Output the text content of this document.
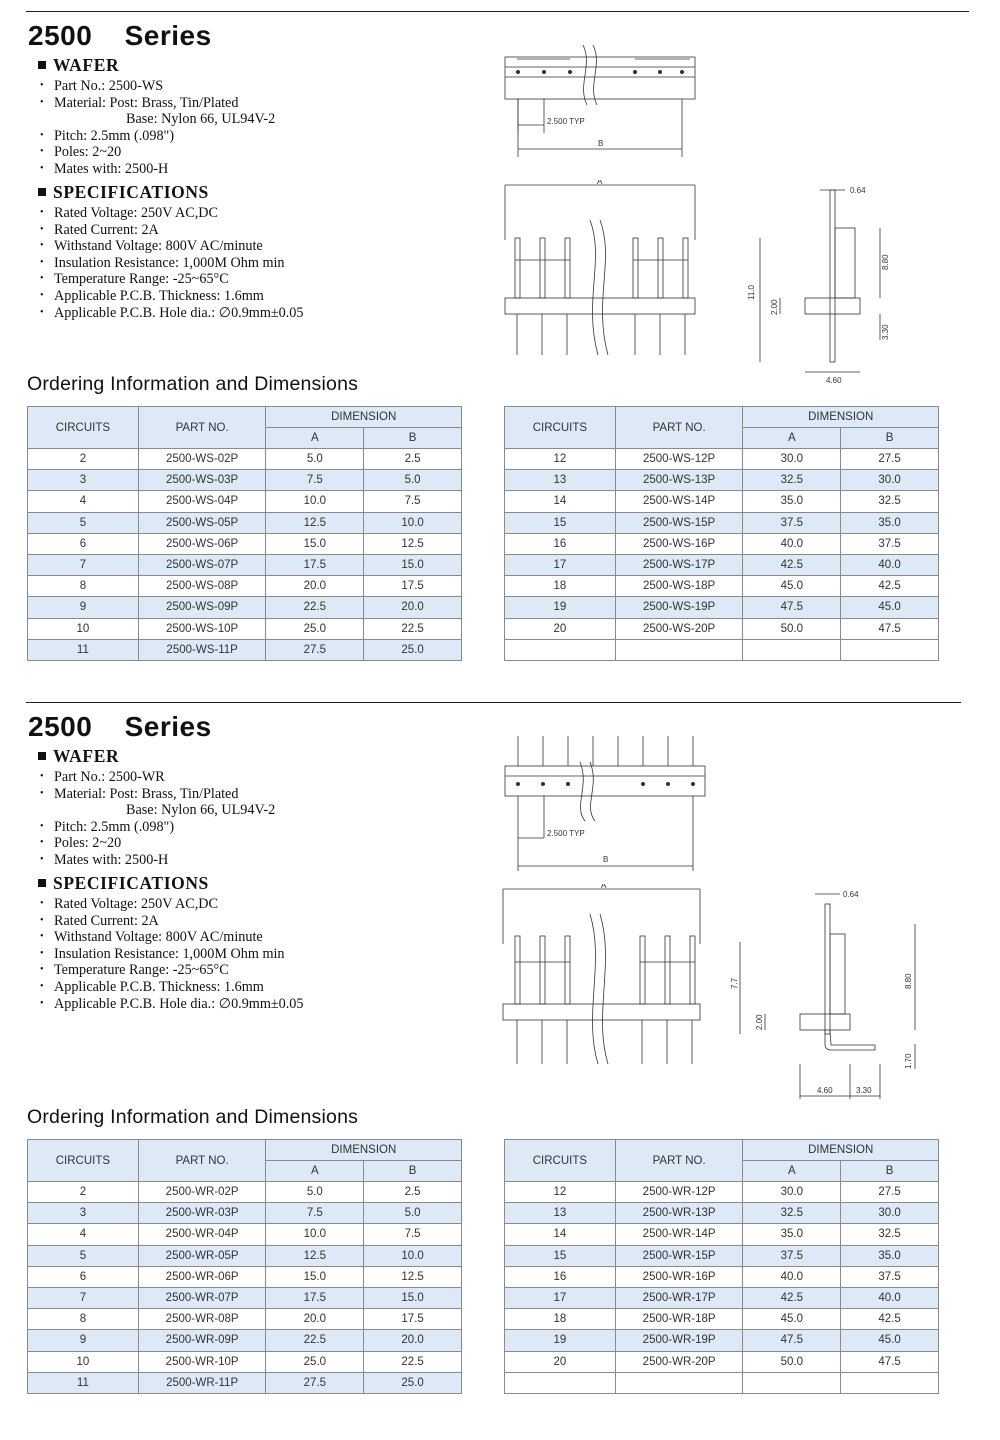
2500 Series
WAFER
• Part No.: 2500-WS
• Material: Post: Brass, Tin/Plated
Base: Nylon 66, UL94V-2
• Pitch: 2.5mm (.098")
• Poles: 2~20
• Mates with: 2500-H
SPECIFICATIONS
• Rated Voltage: 250V AC,DC
• Rated Current: 2A
• Withstand Voltage: 800V AC/minute
• Insulation Resistance: 1,000M Ohm min
• Temperature Range: -25~65°C
• Applicable P.C.B. Thickness: 1.6mm
• Applicable P.C.B. Hole dia.: ∅0.9mm±0.05
2.500 TYP
B
A
0.64
11.0
8.80
2.00
3.30
4.60
Ordering Information and Dimensions
CIRCUITS	PART NO.	DIMENSION	
		A	B
2	2500-WS-02P	5.0	2.5
3	2500-WS-03P	7.5	5.0
4	2500-WS-04P	10.0	7.5
5	2500-WS-05P	12.5	10.0
6	2500-WS-06P	15.0	12.5
7	2500-WS-07P	17.5	15.0
8	2500-WS-08P	20.0	17.5
9	2500-WS-09P	22.5	20.0
10	2500-WS-10P	25.0	22.5
11	2500-WS-11P	27.5	25.0
CIRCUITS	PART NO.	DIMENSION	
		A	B
12	2500-WS-12P	30.0	27.5
13	2500-WS-13P	32.5	30.0
14	2500-WS-14P	35.0	32.5
15	2500-WS-15P	37.5	35.0
16	2500-WS-16P	40.0	37.5
17	2500-WS-17P	42.5	40.0
18	2500-WS-18P	45.0	42.5
19	2500-WS-19P	47.5	45.0
20	2500-WS-20P	50.0	47.5

2500 Series
WAFER
• Part No.: 2500-WR
• Material: Post: Brass, Tin/Plated
Base: Nylon 66, UL94V-2
• Pitch: 2.5mm (.098")
• Poles: 2~20
• Mates with: 2500-H
SPECIFICATIONS
• Rated Voltage: 250V AC,DC
• Rated Current: 2A
• Withstand Voltage: 800V AC/minute
• Insulation Resistance: 1,000M Ohm min
• Temperature Range: -25~65°C
• Applicable P.C.B. Thickness: 1.6mm
• Applicable P.C.B. Hole dia.: ∅0.9mm±0.05
2.500 TYP
B
A
0.64
7.7	8.80
2.00
1.70
4.60	3.30
Ordering Information and Dimensions
CIRCUITS	PART NO.	DIMENSION	
		A	B
2	2500-WR-02P	5.0	2.5
3	2500-WR-03P	7.5	5.0
4	2500-WR-04P	10.0	7.5
5	2500-WR-05P	12.5	10.0
6	2500-WR-06P	15.0	12.5
7	2500-WR-07P	17.5	15.0
8	2500-WR-08P	20.0	17.5
9	2500-WR-09P	22.5	20.0
10	2500-WR-10P	25.0	22.5
11	2500-WR-11P	27.5	25.0
CIRCUITS	PART NO.	DIMENSION	
		A	B
12	2500-WR-12P	30.0	27.5
13	2500-WR-13P	32.5	30.0
14	2500-WR-14P	35.0	32.5
15	2500-WR-15P	37.5	35.0
16	2500-WR-16P	40.0	37.5
17	2500-WR-17P	42.5	40.0
18	2500-WR-18P	45.0	42.5
19	2500-WR-19P	47.5	45.0
20	2500-WR-20P	50.0	47.5
